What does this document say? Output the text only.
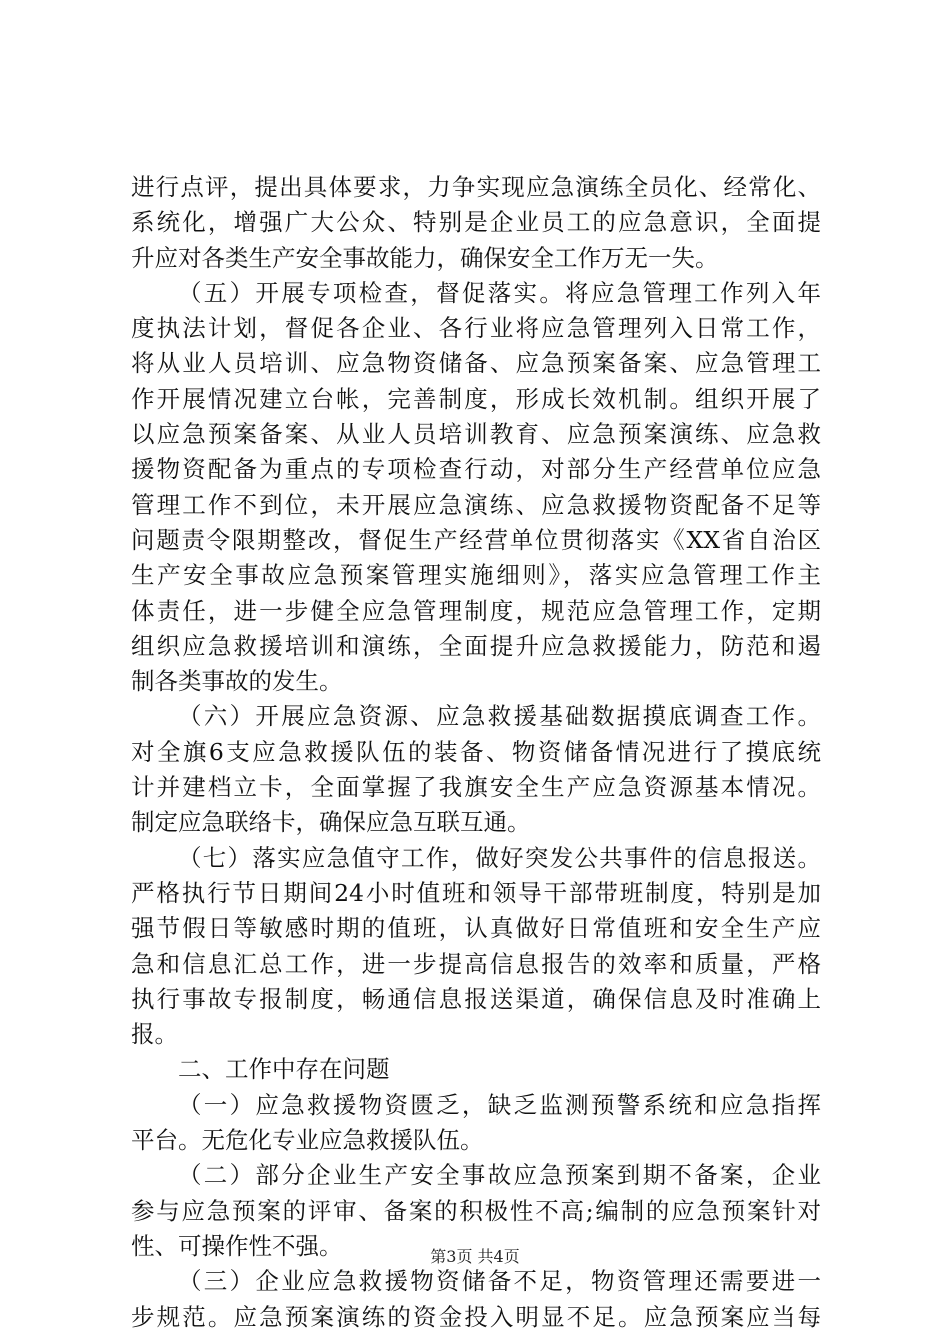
进行点评，提出具体要求，力争实现应急演练全员化、经常化、
系统化，增强广大公众、特别是企业员工的应急意识，全面提
升应对各类生产安全事故能力，确保安全工作万无一失。
（五）开展专项检查，督促落实。将应急管理工作列入年
度执法计划，督促各企业、各行业将应急管理列入日常工作，
将从业人员培训、应急物资储备、应急预案备案、应急管理工
作开展情况建立台帐，完善制度，形成长效机制。组织开展了
以应急预案备案、从业人员培训教育、应急预案演练、应急救
援物资配备为重点的专项检查行动，对部分生产经营单位应急
管理工作不到位，未开展应急演练、应急救援物资配备不足等
问题责令限期整改，督促生产经营单位贯彻落实《XX省自治区
生产安全事故应急预案管理实施细则》，落实应急管理工作主
体责任，进一步健全应急管理制度，规范应急管理工作，定期
组织应急救援培训和演练，全面提升应急救援能力，防范和遏
制各类事故的发生。
（六）开展应急资源、应急救援基础数据摸底调查工作。
对全旗6支应急救援队伍的装备、物资储备情况进行了摸底统
计并建档立卡，全面掌握了我旗安全生产应急资源基本情况。
制定应急联络卡，确保应急互联互通。
（七）落实应急值守工作，做好突发公共事件的信息报送。
严格执行节日期间24小时值班和领导干部带班制度，特别是加
强节假日等敏感时期的值班，认真做好日常值班和安全生产应
急和信息汇总工作，进一步提高信息报告的效率和质量，严格
执行事故专报制度，畅通信息报送渠道，确保信息及时准确上
报。
二、工作中存在问题
（一）应急救援物资匮乏，缺乏监测预警系统和应急指挥
平台。无危化专业应急救援队伍。
（二）部分企业生产安全事故应急预案到期不备案，企业
参与应急预案的评审、备案的积极性不高;编制的应急预案针对
性、可操作性不强。
（三）企业应急救援物资储备不足，物资管理还需要进一
步规范。应急预案演练的资金投入明显不足。应急预案应当每
第3页 共4页
